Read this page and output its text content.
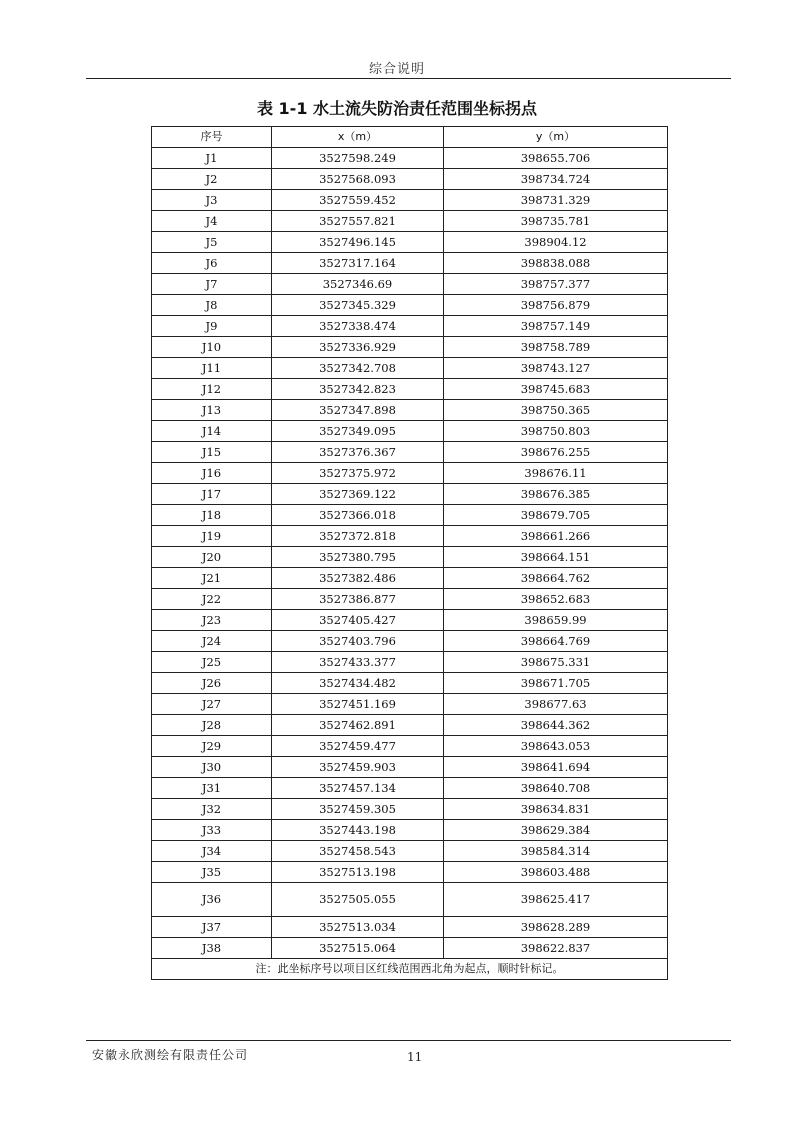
综合说明
表 1-1 水土流失防治责任范围坐标拐点
序号	x（m）	y（m）
J1	3527598.249	398655.706
J2	3527568.093	398734.724
J3	3527559.452	398731.329
J4	3527557.821	398735.781
J5	3527496.145	398904.12
J6	3527317.164	398838.088
J7	3527346.69	398757.377
J8	3527345.329	398756.879
J9	3527338.474	398757.149
J10	3527336.929	398758.789
J11	3527342.708	398743.127
J12	3527342.823	398745.683
J13	3527347.898	398750.365
J14	3527349.095	398750.803
J15	3527376.367	398676.255
J16	3527375.972	398676.11
J17	3527369.122	398676.385
J18	3527366.018	398679.705
J19	3527372.818	398661.266
J20	3527380.795	398664.151
J21	3527382.486	398664.762
J22	3527386.877	398652.683
J23	3527405.427	398659.99
J24	3527403.796	398664.769
J25	3527433.377	398675.331
J26	3527434.482	398671.705
J27	3527451.169	398677.63
J28	3527462.891	398644.362
J29	3527459.477	398643.053
J30	3527459.903	398641.694
J31	3527457.134	398640.708
J32	3527459.305	398634.831
J33	3527443.198	398629.384
J34	3527458.543	398584.314
J35	3527513.198	398603.488
J36	3527505.055	398625.417
J37	3527513.034	398628.289
J38	3527515.064	398622.837
注：此坐标序号以项目区红线范围西北角为起点，顺时针标记。		
安徽永欣测绘有限责任公司	11
